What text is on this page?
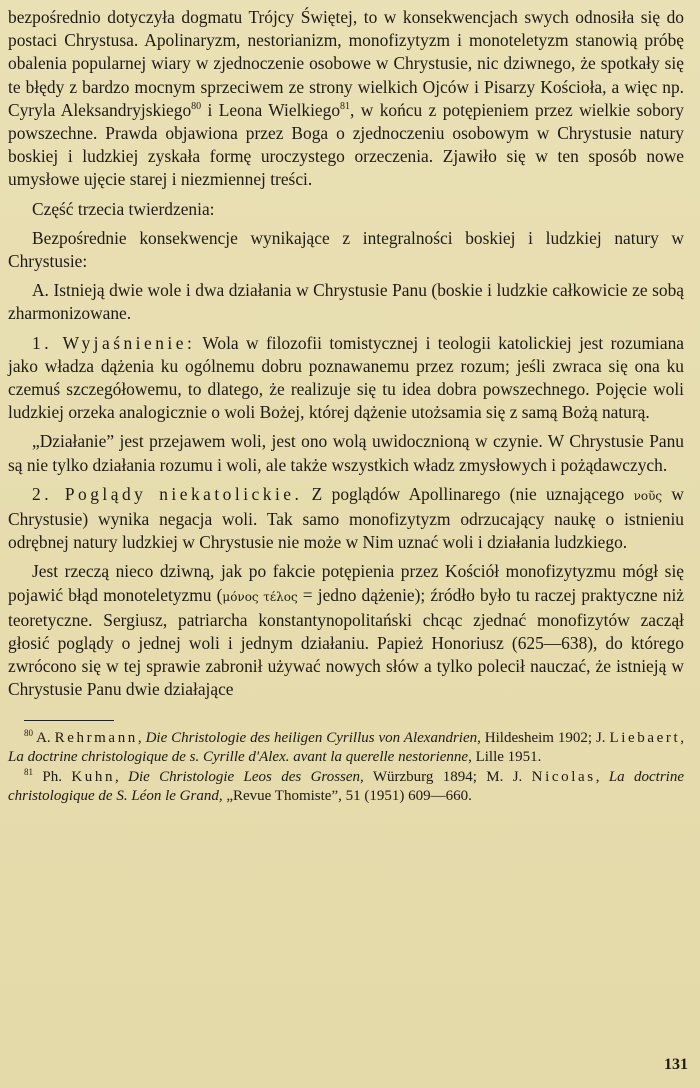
bezpośrednio dotyczyła dogmatu Trójcy Świętej, to w konsekwencjach swych odnosiła się do postaci Chrystusa. Apolinaryzm, nestorianizm, monofizytyzm i monoteletyzm stanowią próbę obalenia popularnej wiary w zjednoczenie osobowe w Chrystusie, nic dziwnego, że spotkały się te błędy z bardzo mocnym sprzeciwem ze strony wielkich Ojców i Pisarzy Kościoła, a więc np. Cyryla Aleksandryjskiego$^{80}$ i Leona Wielkiego$^{81}$, w końcu z potępieniem przez wielkie sobory powszechne. Prawda objawiona przez Boga o zjednoczeniu osobowym w Chrystusie natury boskiej i ludzkiej zyskała formę uroczystego orzeczenia. Zjawiło się w ten sposób nowe umysłowe ujęcie starej i niezmiennej treści.

Część trzecia twierdzenia:

Bezpośrednie konsekwencje wynikające z integralności boskiej i ludzkiej natury w Chrystusie:

A. Istnieją dwie wole i dwa działania w Chrystusie Panu (boskie i ludzkie całkowicie ze sobą zharmonizowane.

1. Wyjaśnienie: Wola w filozofii tomistycznej i teologii katolickiej jest rozumiana jako władza dążenia ku ogólnemu dobru poznawanemu przez rozum; jeśli zwraca się ona ku czemuś szczegółowemu, to dlatego, że realizuje się tu idea dobra powszechnego. Pojęcie woli ludzkiej orzeka analogicznie o woli Bożej, której dążenie utożsamia się z samą Bożą naturą.

„Działanie” jest przejawem woli, jest ono wolą uwidocznioną w czynie. W Chrystusie Panu są nie tylko działania rozumu i woli, ale także wszystkich władz zmysłowych i pożądawczych.

2. Poglądy niekatolickie. Z poglądów Apollinarego (nie uznającego νοῦς w Chrystusie) wynika negacja woli. Tak samo monofizytyzm odrzucający naukę o istnieniu odrębnej natury ludzkiej w Chrystusie nie może w Nim uznać woli i działania ludzkiego.

Jest rzeczą nieco dziwną, jak po fakcie potępienia przez Kościół monofizytyzmu mógł się pojawić błąd monoteletyzmu (μόνος τέλος = jedno dążenie); źródło było tu raczej praktyczne niż teoretyczne. Sergiusz, patriarcha konstantynopolitański chcąc zjednać monofizytów zaczął głosić poglądy o jednej woli i jednym działaniu. Papież Honoriusz (625—638), do którego zwrócono się w tej sprawie zabronił używać nowych słów a tylko polecił nauczać, że istnieją w Chrystusie Panu dwie działające

$^{80}$ A. Rehrmann, Die Christologie des heiligen Cyrillus von Alexandrien, Hildesheim 1902; J. Liebaert, La doctrine christologique de s. Cyrille d'Alex. avant la querelle nestorienne, Lille 1951.

$^{81}$ Ph. Kuhn, Die Christologie Leos des Grossen, Würzburg 1894; M. J. Nicolas, La doctrine christologique de S. Léon le Grand, „Revue Thomiste”, 51 (1951) 609—660.

131
